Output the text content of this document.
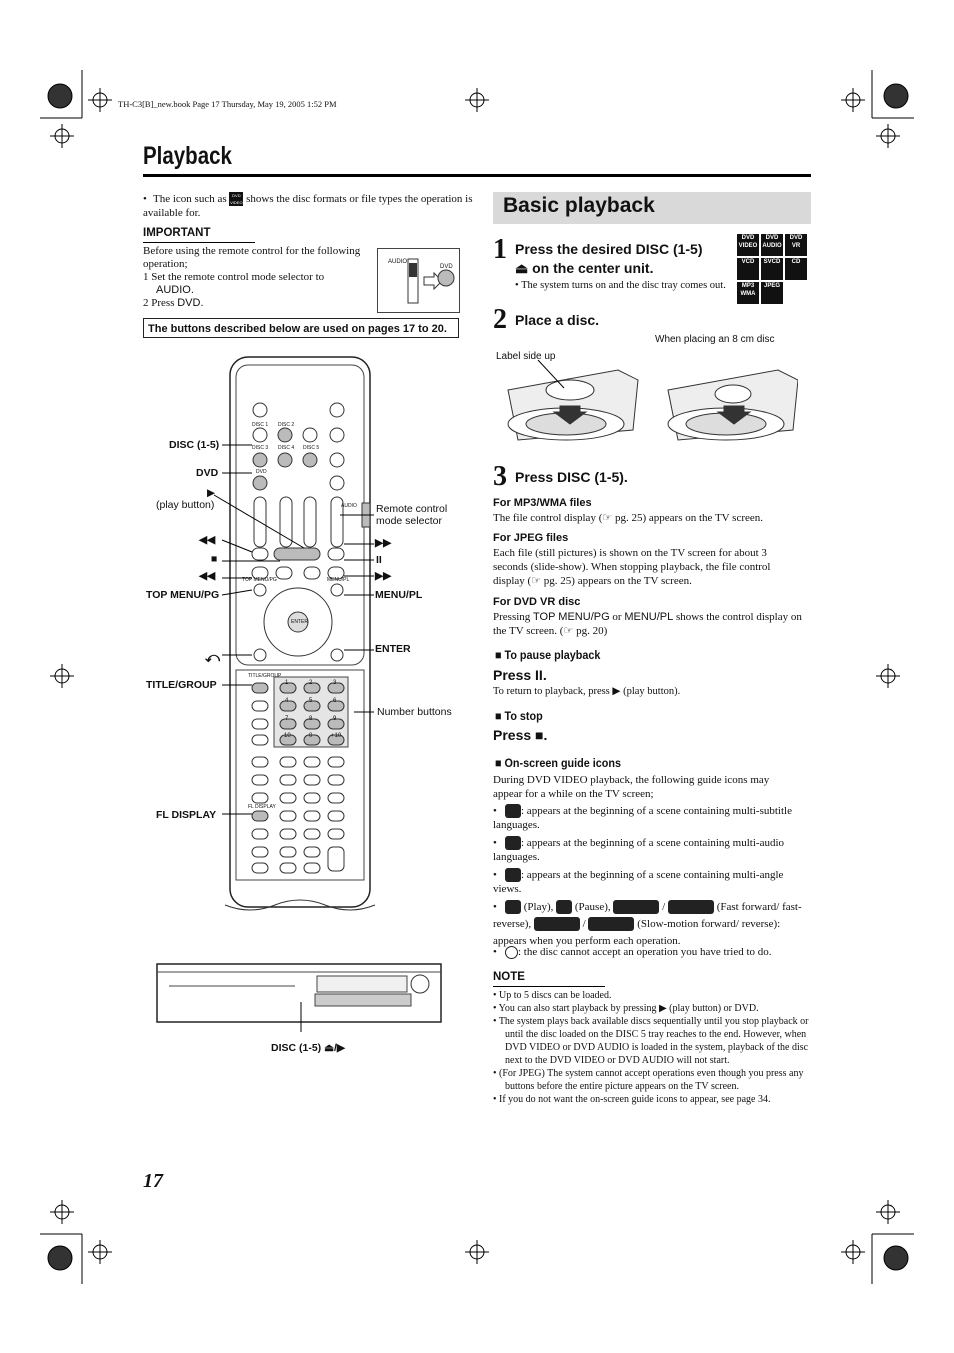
TH-C3[B]_new.book Page 17 Thursday, May 19, 2005 1:52 PM
Playback
• The icon such as DVD VIDEO shows the disc formats or file types the operation is available for.
IMPORTANT
Before using the remote control for the following operation;
1 Set the remote control mode selector to
AUDIO.
2 Press DVD.
AUDIO
DVD
The buttons described below are used on pages 17 to 20.
DISC 1 DISC 2
DISC 3 DISC 4 DISC 5
DVD
AUDIO
TOP MENU/PG	MENU/PL
ENTER
TITLE/GROUP
FL DISPLAY
1	2	3
4	5	6
7	8	9
10	0	+10
DISC (1-5)
DVD
▶
(play button)
◀◀
■
◀◀
TOP MENU/PG
⤺
TITLE/GROUP
FL DISPLAY
Remote control mode selector
▶▶
II
▶▶
MENU/PL
ENTER
Number buttons
DISC (1-5) ⏏/▶
Basic playback
DVD VIDEO
DVD AUDIO
DVD VR
VCD	SVCD	CD
MP3 WMA
JPEG
1 Press the desired DISC (1-5)
⏏ on the center unit.
• The system turns on and the disc tray comes out.
2 Place a disc.
Label side up
When placing an 8 cm disc
3 Press DISC (1-5).
For MP3/WMA files
The file control display (☞ pg. 25) appears on the TV screen.
For JPEG files
Each file (still pictures) is shown on the TV screen for about 3 seconds (slide-show). When stopping playback, the file control display (☞ pg. 25) appears on the TV screen.
For DVD VR disc
Pressing TOP MENU/PG or MENU/PL shows the control display on the TV screen. (☞ pg. 20)
■ To pause playback
Press II.
To return to playback, press ▶ (play button).
■ To stop
Press ■.
■ On-screen guide icons
During DVD VIDEO playback, the following guide icons may appear for a while on the TV screen;
• : appears at the beginning of a scene containing multi-subtitle languages.
• : appears at the beginning of a scene containing multi-audio languages.
• : appears at the beginning of a scene containing multi-angle views.
• (Play), (Pause),	/	(Fast forward/ fast-reverse),	/	(Slow-motion forward/ reverse): appears when you perform each operation.
• : the disc cannot accept an operation you have tried to do.
NOTE
• Up to 5 discs can be loaded.
• You can also start playback by pressing ▶ (play button) or DVD.
• The system plays back available discs sequentially until you stop playback or until the disc loaded on the DISC 5 tray reaches to the end. However, when DVD VIDEO or DVD AUDIO is loaded in the system, playback of the disc next to the DVD VIDEO or DVD AUDIO will not start.
• (For JPEG) The system cannot accept operations even though you press any buttons before the entire picture appears on the TV screen.
• If you do not want the on-screen guide icons to appear, see page 34.
17
